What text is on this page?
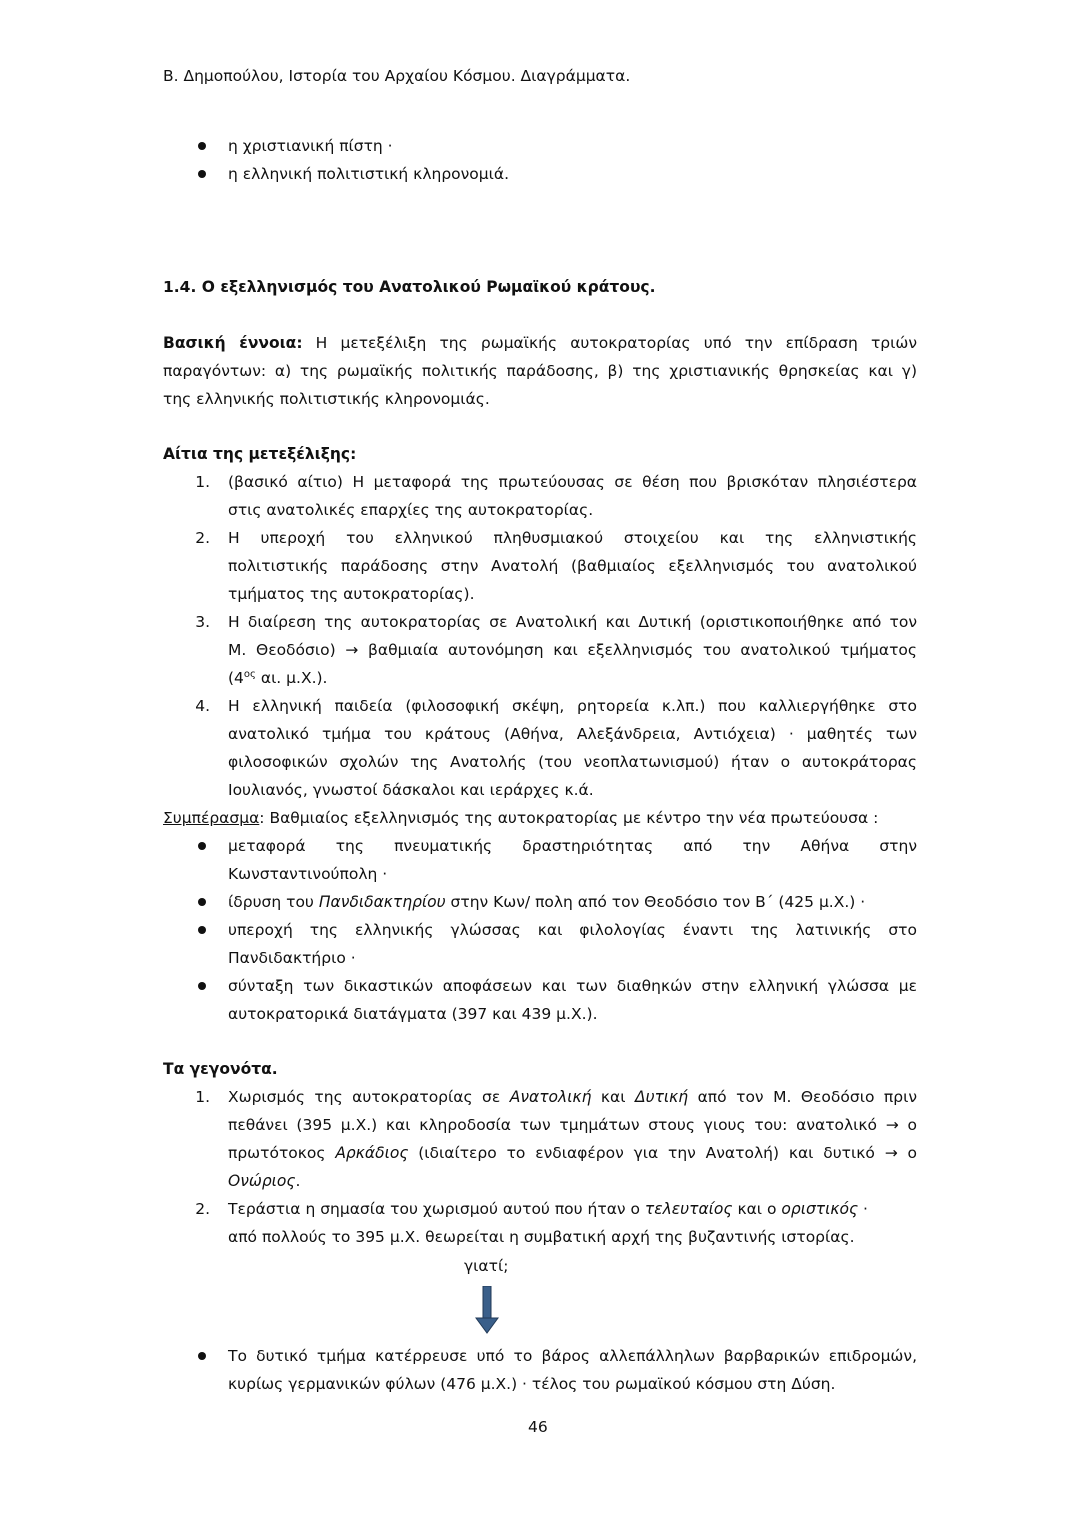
Β. Δημοπούλου, Ιστορία του Αρχαίου Κόσμου. Διαγράμματα.
η χριστιανική πίστη ·
η ελληνική πολιτιστική κληρονομιά.
1.4. Ο εξελληνισμός του Ανατολικού Ρωμαϊκού κράτους.
Βασική έννοια: Η μετεξέλιξη της ρωμαϊκής αυτοκρατορίας υπό την επίδραση τριών
παραγόντων: α) της ρωμαϊκής πολιτικής παράδοσης, β) της χριστιανικής θρησκείας και γ)
της ελληνικής πολιτιστικής κληρονομιάς.
Αίτια της μετεξέλιξης:
1. (βασικό αίτιο) Η μεταφορά της πρωτεύουσας σε θέση που βρισκόταν πλησιέστερα
στις ανατολικές επαρχίες της αυτοκρατορίας.
2. Η υπεροχή του ελληνικού πληθυσμιακού στοιχείου και της ελληνιστικής
πολιτιστικής παράδοσης στην Ανατολή (βαθμιαίος εξελληνισμός του ανατολικού
τμήματος της αυτοκρατορίας).
3. Η διαίρεση της αυτοκρατορίας σε Ανατολική και Δυτική (οριστικοποιήθηκε από τον
Μ. Θεοδόσιο) → βαθμιαία αυτονόμηση και εξελληνισμός του ανατολικού τμήματος
($4^{o\varsigma}$ αι. μ.Χ.).
4. Η ελληνική παιδεία (φιλοσοφική σκέψη, ρητορεία κ.λπ.) που καλλιεργήθηκε στο
ανατολικό τμήμα του κράτους (Αθήνα, Αλεξάνδρεια, Αντιόχεια) · μαθητές των
φιλοσοφικών σχολών της Ανατολής (του νεοπλατωνισμού) ήταν ο αυτοκράτορας
Ιουλιανός, γνωστοί δάσκαλοι και ιεράρχες κ.ά.
Συμπέρασμα: Βαθμιαίος εξελληνισμός της αυτοκρατορίας με κέντρο την νέα πρωτεύουσα :
μεταφορά της πνευματικής δραστηριότητας από την Αθήνα στην
Κωνσταντινούπολη ·
ίδρυση του Πανδιδακτηρίου στην Κων/ πολη από τον Θεοδόσιο τον Β΄ (425 μ.Χ.) ·
υπεροχή της ελληνικής γλώσσας και φιλολογίας έναντι της λατινικής στο
Πανδιδακτήριο ·
σύνταξη των δικαστικών αποφάσεων και των διαθηκών στην ελληνική γλώσσα με
αυτοκρατορικά διατάγματα (397 και 439 μ.Χ.).
Τα γεγονότα.
1. Χωρισμός της αυτοκρατορίας σε Ανατολική και Δυτική από τον Μ. Θεοδόσιο πριν
πεθάνει (395 μ.Χ.) και κληροδοσία των τμημάτων στους γιους του: ανατολικό → ο
πρωτότοκος Αρκάδιος (ιδιαίτερο το ενδιαφέρον για την Ανατολή) και δυτικό → ο
Ονώριος.
2. Τεράστια η σημασία του χωρισμού αυτού που ήταν ο τελευταίος και ο οριστικός ·
από πολλούς το 395 μ.Χ. θεωρείται η συμβατική αρχή της βυζαντινής ιστορίας.
γιατί;
Το δυτικό τμήμα κατέρρευσε υπό το βάρος αλλεπάλληλων βαρβαρικών επιδρομών,
κυρίως γερμανικών φύλων (476 μ.Χ.) · τέλος του ρωμαϊκού κόσμου στη Δύση.
46
